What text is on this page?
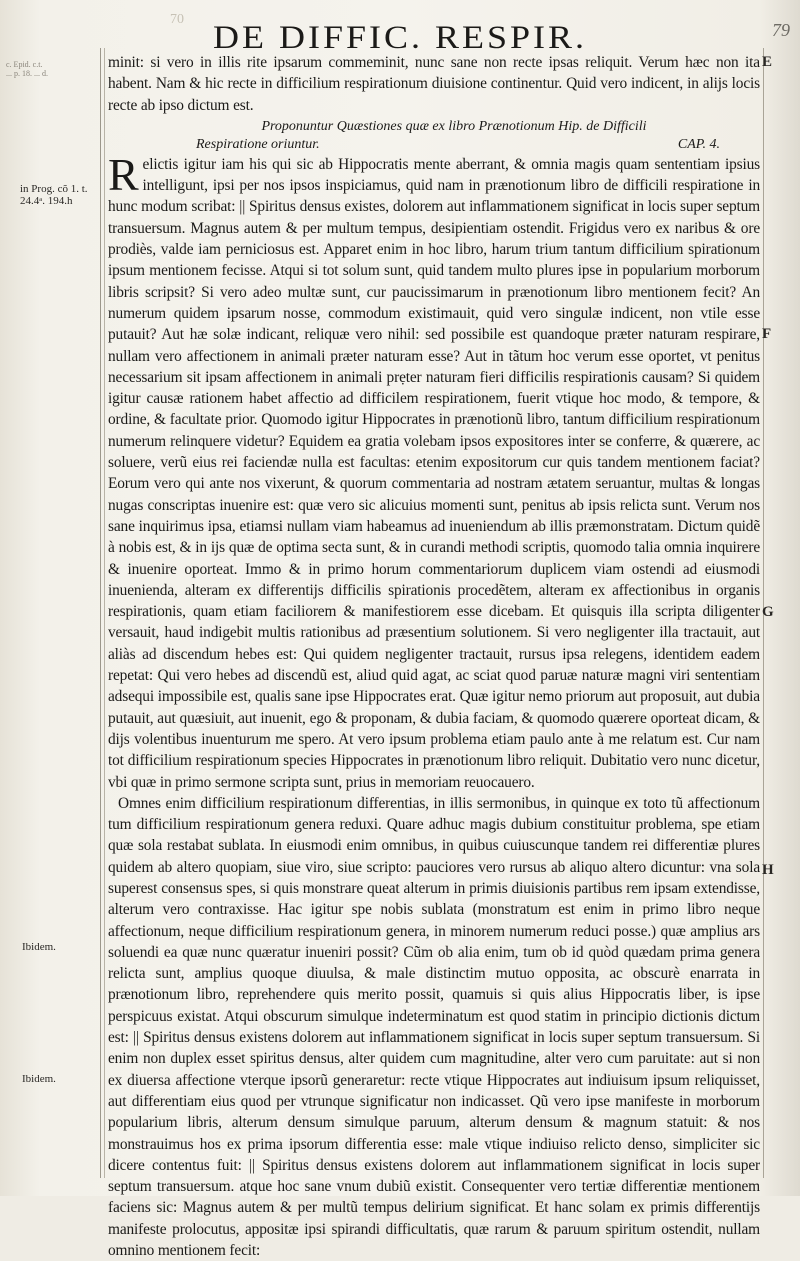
70 DE DIFFIC. RESPIR.	79
c. Epid. c.t.
... p. 18. ... d.
in Prog. cõ 1. t.
24.4ᵃ. 194.h
Ibidem.
Ibidem.
E
F
G
H

minit: si vero in illis rite ipsarum commeminit, nunc sane non recte ipsas reliquit. Verum hæc non ita habent. Nam & hic recte in difficilium respirationum diuisione continentur. Quid vero indicent, in alijs locis recte ab ipso dictum est.

Proponuntur Quæstiones quæ ex libro Prænotionum Hip. de Difficili
Respiratione oriuntur.	CAP. 4.

Relictis igitur iam his qui sic ab Hippocratis mente aberrant, & omnia magis quam sententiam ipsius intelligunt, ipsi per nos ipsos inspiciamus, quid nam in prænotionum libro de difficili respiratione in hunc modum scribat: || Spiritus densus existes, dolorem aut inflammationem significat in locis super septum transuersum. Magnus autem & per multum tempus, desipientiam ostendit. Frigidus vero ex naribus & ore prodiès, valde iam perniciosus est. Apparet enim in hoc libro, harum trium tantum difficilium spirationum ipsum mentionem fecisse. Atqui si tot solum sunt, quid tandem multo plures ipse in popularium morborum libris scripsit? Si vero adeo multæ sunt, cur paucissimarum in prænotionum libro mentionem fecit? An numerum quidem ipsarum nosse, commodum existimauit, quid vero singulæ indicent, non vtile esse putauit? Aut hæ solæ indicant, reliquæ vero nihil: sed possibile est quandoque præter naturam respirare, nullam vero affectionem in animali præter naturam esse? Aut in tãtum hoc verum esse oportet, vt penitus necessarium sit ipsam affectionem in animali prẹter naturam fieri difficilis respirationis causam? Si quidem igitur causæ rationem habet affectio ad difficilem respirationem, fuerit vtique hoc modo, & tempore, & ordine, & facultate prior. Quomodo igitur Hippocrates in prænotionũ libro, tantum difficilium respirationum numerum relinquere videtur? Equidem ea gratia volebam ipsos expositores inter se conferre, & quærere, ac soluere, verũ eius rei faciendæ nulla est facultas: etenim expositorum cur quis tandem mentionem faciat? Eorum vero qui ante nos vixerunt, & quorum commentaria ad nostram ætatem seruantur, multas & longas nugas conscriptas inuenire est: quæ vero sic alicuius momenti sunt, penitus ab ipsis relicta sunt. Verum nos sane inquirimus ipsa, etiamsi nullam viam habeamus ad inueniendum ab illis præmonstratam. Dictum quidẽ à nobis est, & in ijs quæ de optima secta sunt, & in curandi methodi scriptis, quomodo talia omnia inquirere & inuenire oporteat. Immo & in primo horum commentariorum duplicem viam ostendi ad eiusmodi inuenienda, alteram ex differentijs difficilis spirationis procedẽtem, alteram ex affectionibus in organis respirationis, quam etiam faciliorem & manifestiorem esse dicebam. Et quisquis illa scripta diligenter versauit, haud indigebit multis rationibus ad præsentium solutionem. Si vero negligenter illa tractauit, aut aliàs ad discendum hebes est: Qui quidem negligenter tractauit, rursus ipsa relegens, identidem eadem repetat: Qui vero hebes ad discendũ est, aliud quid agat, ac sciat quod paruæ naturæ magni viri sententiam adsequi impossibile est, qualis sane ipse Hippocrates erat. Quæ igitur nemo priorum aut proposuit, aut dubia putauit, aut quæsiuit, aut inuenit, ego & proponam, & dubia faciam, & quomodo quærere oporteat dicam, & dijs volentibus inuenturum me spero. At vero ipsum problema etiam paulo ante à me relatum est. Cur nam tot difficilium respirationum species Hippocrates in prænotionum libro reliquit. Dubitatio vero nunc dicetur, vbi quæ in primo sermone scripta sunt, prius in memoriam reuocauero.

Omnes enim difficilium respirationum differentias, in illis sermonibus, in quinque ex toto tũ affectionum tum difficilium respirationum genera reduxi. Quare adhuc magis dubium constituitur problema, spe etiam quæ sola restabat sublata. In eiusmodi enim omnibus, in quibus cuiuscunque tandem rei differentiæ plures quidem ab altero quopiam, siue viro, siue scripto: pauciores vero rursus ab aliquo altero dicuntur: vna sola superest consensus spes, si quis monstrare queat alterum in primis diuisionis partibus rem ipsam extendisse, alterum vero contraxisse. Hac igitur spe nobis sublata (monstratum est enim in primo libro neque affectionum, neque difficilium respirationum genera, in minorem numerum reduci posse.) quæ amplius ars soluendi ea quæ nunc quæratur inueniri possit? Cũm ob alia enim, tum ob id quòd quædam prima genera relicta sunt, amplius quoque diuulsa, & male distinctim mutuo opposita, ac obscurè enarrata in prænotionum libro, reprehendere quis merito possit, quamuis si quis alius Hippocratis liber, is ipse perspicuus existat. Atqui obscurum simulque indeterminatum est quod statim in principio dictionis dictum est: || Spiritus densus existens dolorem aut inflammationem significat in locis super septum transuersum. Si enim non duplex esset spiritus densus, alter quidem cum magnitudine, alter vero cum paruitate: aut si non ex diuersa affectione vterque ipsorũ generaretur: recte vtique Hippocrates aut indiuisum ipsum reliquisset, aut differentiam eius quod per vtrunque significatur non indicasset. Qũ vero ipse manifeste in morborum popularium libris, alterum densum simulque paruum, alterum densum & magnum statuit: & nos monstrauimus hos ex prima ipsorum differentia esse: male vtique indiuiso relicto denso, simpliciter sic dicere contentus fuit: || Spiritus densus existens dolorem aut inflammationem significat in locis super septum transuersum. atque hoc sane vnum dubiũ existit. Consequenter vero tertiæ differentiæ mentionem faciens sic: Magnus autem & per multũ tempus delirium significat. Et hanc solam ex primis differentijs manifeste prolocutus, appositæ ipsi spirandi difficultatis, quæ rarum & paruum spiritum ostendit, nullam omnino mentionem fecit:
